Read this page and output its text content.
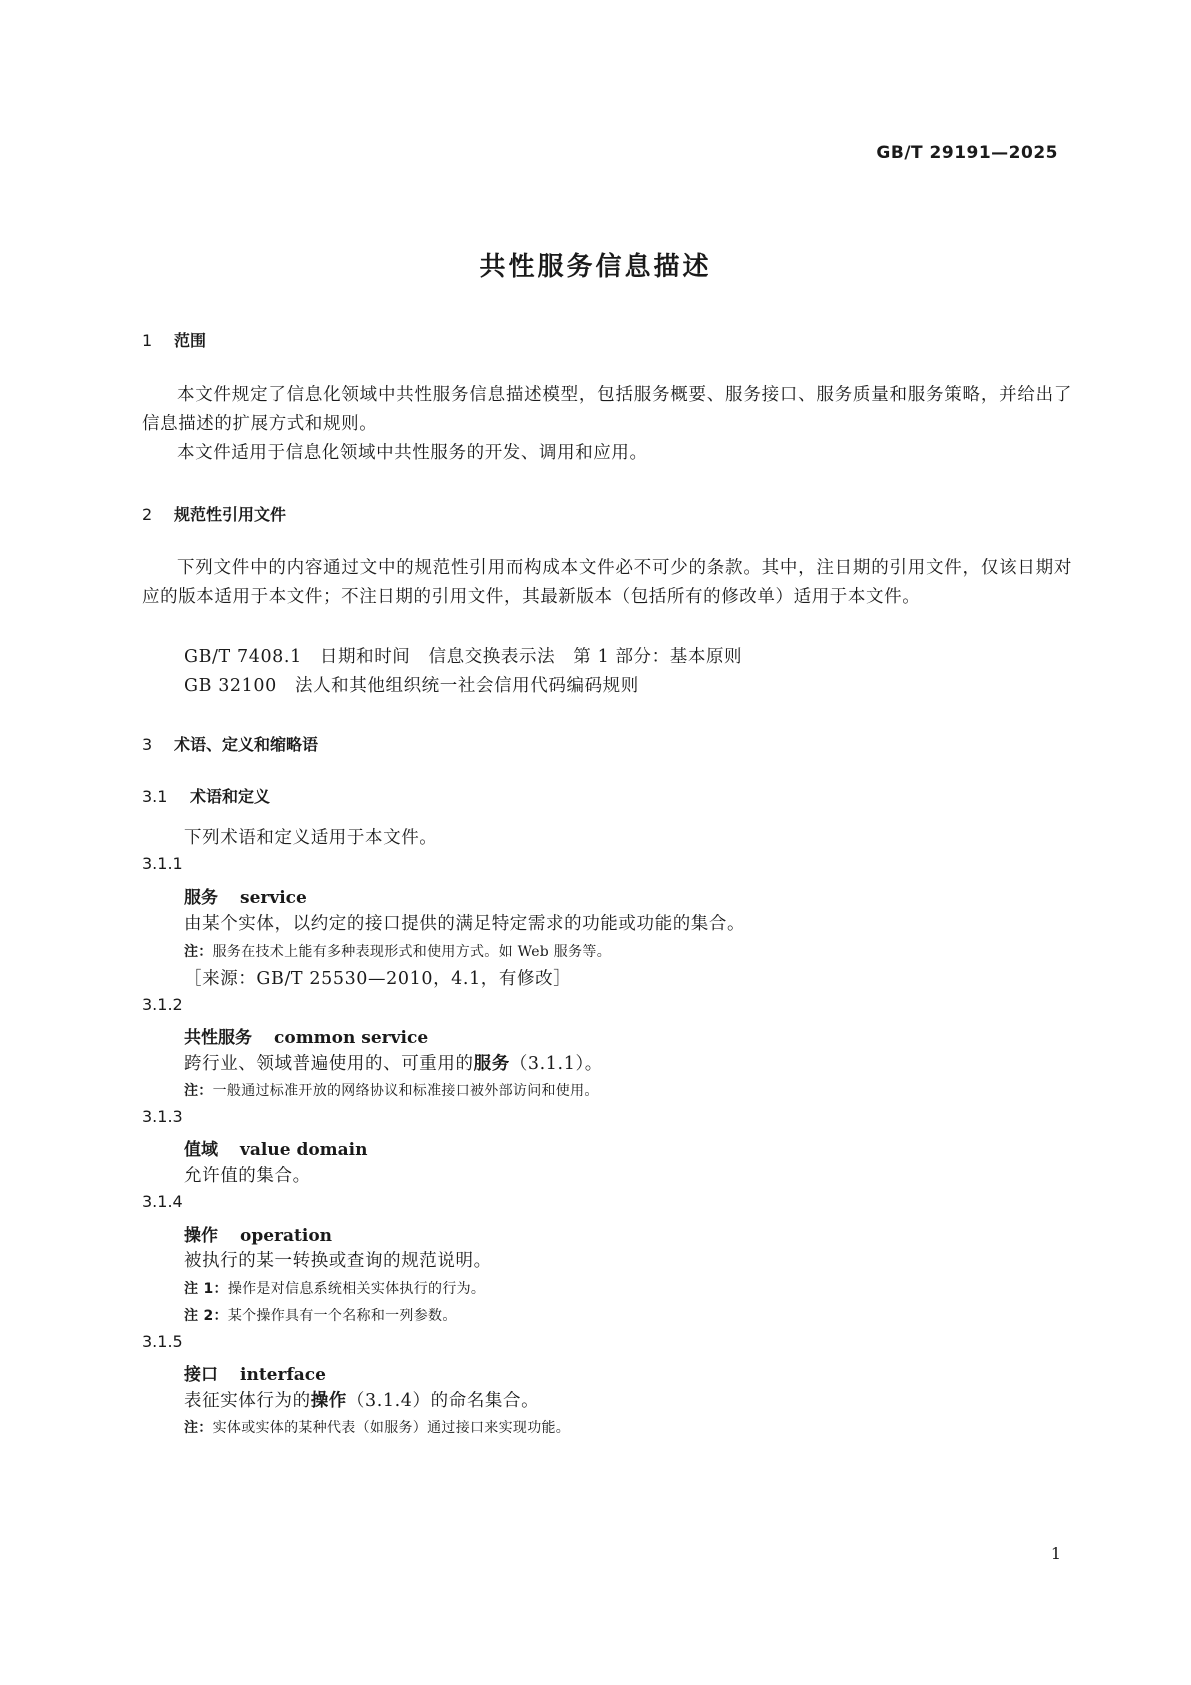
GB/T 29191—2025
共性服务信息描述
1 范围
本文件规定了信息化领域中共性服务信息描述模型，包括服务概要、服务接口、服务质量和服务策略，并给出了信息描述的扩展方式和规则。
本文件适用于信息化领域中共性服务的开发、调用和应用。
2 规范性引用文件
下列文件中的内容通过文中的规范性引用而构成本文件必不可少的条款。其中，注日期的引用文件，仅该日期对应的版本适用于本文件；不注日期的引用文件，其最新版本（包括所有的修改单）适用于本文件。
GB/T 7408.1　日期和时间　信息交换表示法　第 1 部分：基本原则
GB 32100　法人和其他组织统一社会信用代码编码规则
3 术语、定义和缩略语
3.1 术语和定义
下列术语和定义适用于本文件。
3.1.1
服务 service
由某个实体，以约定的接口提供的满足特定需求的功能或功能的集合。
注：服务在技术上能有多种表现形式和使用方式。如 Web 服务等。
［来源：GB/T 25530—2010，4.1，有修改］
3.1.2
共性服务 common service
跨行业、领域普遍使用的、可重用的服务（3.1.1）。
注：一般通过标准开放的网络协议和标准接口被外部访问和使用。
3.1.3
值域 value domain
允许值的集合。
3.1.4
操作 operation
被执行的某一转换或查询的规范说明。
注 1：操作是对信息系统相关实体执行的行为。
注 2：某个操作具有一个名称和一列参数。
3.1.5
接口 interface
表征实体行为的操作（3.1.4）的命名集合。
注：实体或实体的某种代表（如服务）通过接口来实现功能。
1
